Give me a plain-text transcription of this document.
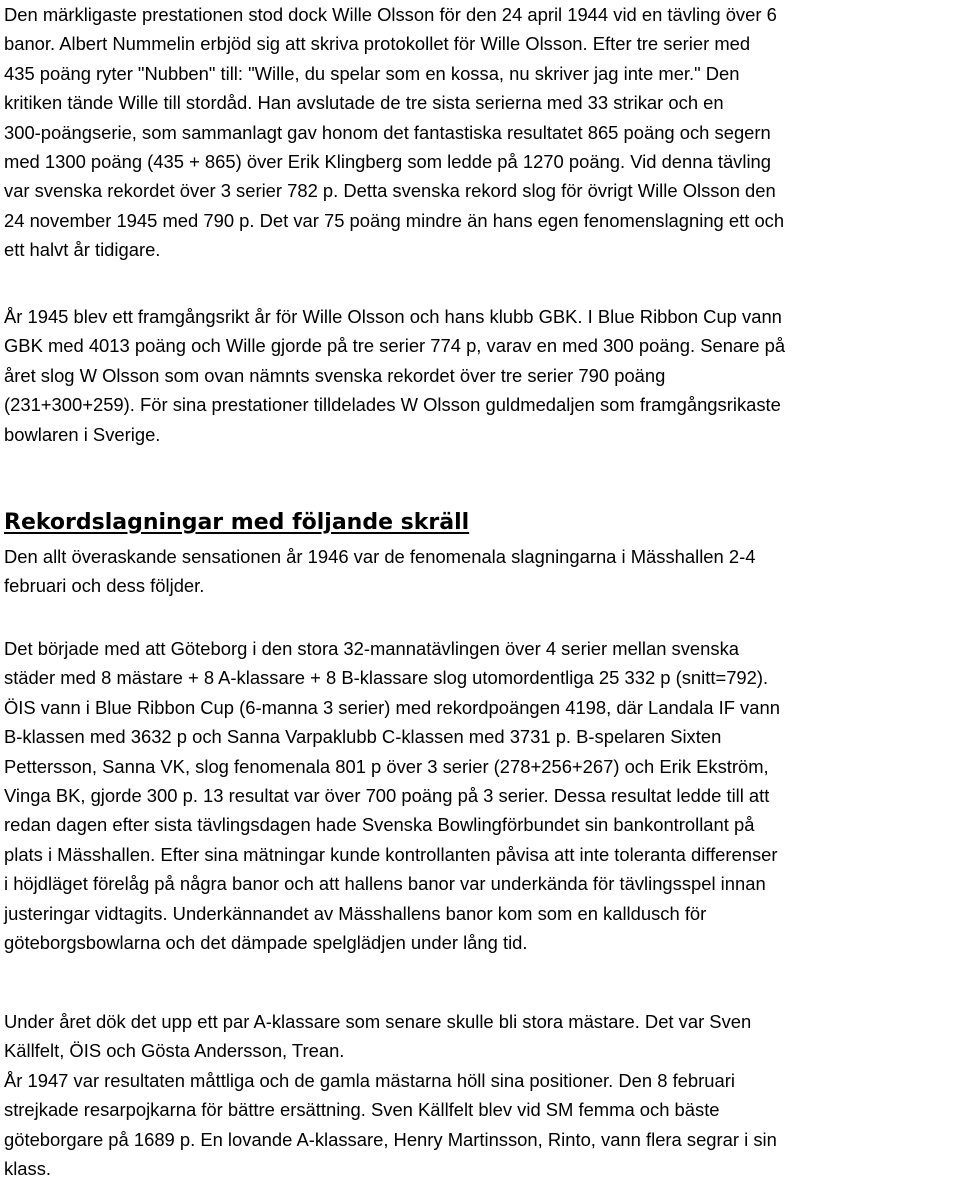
Den märkligaste prestationen stod dock Wille Olsson för den 24 april 1944 vid en tävling över 6
banor. Albert Nummelin erbjöd sig att skriva protokollet för Wille Olsson. Efter tre serier med
435 poäng ryter "Nubben" till: "Wille, du spelar som en kossa, nu skriver jag inte mer." Den
kritiken tände Wille till stordåd. Han avslutade de tre sista serierna med 33 strikar och en
300-poängserie, som sammanlagt gav honom det fantastiska resultatet 865 poäng och segern
med 1300 poäng (435 + 865) över Erik Klingberg som ledde på 1270 poäng. Vid denna tävling
var svenska rekordet över 3 serier 782 p. Detta svenska rekord slog för övrigt Wille Olsson den
24 november 1945 med 790 p. Det var 75 poäng mindre än hans egen fenomenslagning ett och
ett halvt år tidigare.
År 1945 blev ett framgångsrikt år för Wille Olsson och hans klubb GBK. I Blue Ribbon Cup vann
GBK med 4013 poäng och Wille gjorde på tre serier 774 p, varav en med 300 poäng. Senare på
året slog W Olsson som ovan nämnts svenska rekordet över tre serier 790 poäng
(231+300+259). För sina prestationer tilldelades W Olsson guldmedaljen som framgångsrikaste
bowlaren i Sverige.
Rekordslagningar med följande skräll
Den allt överaskande sensationen år 1946 var de fenomenala slagningarna i Mässhallen 2-4
februari och dess följder.
Det började med att Göteborg i den stora 32-mannatävlingen över 4 serier mellan svenska
städer med 8 mästare + 8 A-klassare + 8 B-klassare slog utomordentliga 25 332 p (snitt=792).
ÖIS vann i Blue Ribbon Cup (6-manna 3 serier) med rekordpoängen 4198, där Landala IF vann
B-klassen med 3632 p och Sanna Varpaklubb C-klassen med 3731 p. B-spelaren Sixten
Pettersson, Sanna VK, slog fenomenala 801 p över 3 serier (278+256+267) och Erik Ekström,
Vinga BK, gjorde 300 p. 13 resultat var över 700 poäng på 3 serier. Dessa resultat ledde till att
redan dagen efter sista tävlingsdagen hade Svenska Bowlingförbundet sin bankontrollant på
plats i Mässhallen. Efter sina mätningar kunde kontrollanten påvisa att inte toleranta differenser
i höjdläget förelåg på några banor och att hallens banor var underkända för tävlingsspel innan
justeringar vidtagits. Underkännandet av Mässhallens banor kom som en kalldusch för
göteborgsbowlarna och det dämpade spelglädjen under lång tid.
Under året dök det upp ett par A-klassare som senare skulle bli stora mästare. Det var Sven
Källfelt, ÖIS och Gösta Andersson, Trean.
År 1947 var resultaten måttliga och de gamla mästarna höll sina positioner. Den 8 februari
strejkade resarpojkarna för bättre ersättning. Sven Källfelt blev vid SM femma och bäste
göteborgare på 1689 p. En lovande A-klassare, Henry Martinsson, Rinto, vann flera segrar i sin
klass.
